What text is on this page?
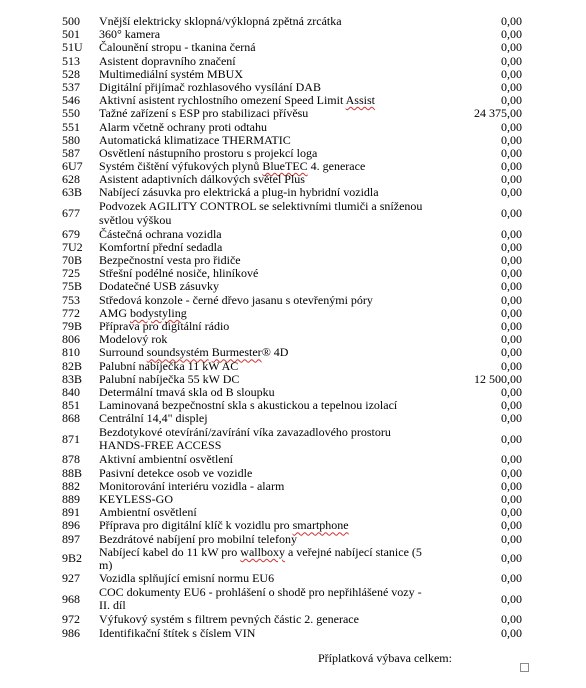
500	Vnější elektricky sklopná/výklopná zpětná zrcátka	0,00
501	360° kamera	0,00
51U	Čalounění stropu - tkanina černá	0,00
513	Asistent dopravního značení	0,00
528	Multimediální systém MBUX	0,00
537	Digitální přijímač rozhlasového vysílání DAB	0,00
546	Aktivní asistent rychlostního omezení Speed Limit Assist	0,00
550	Tažné zařízení s ESP pro stabilizaci přívěsu	24 375,00
551	Alarm včetně ochrany proti odtahu	0,00
580	Automatická klimatizace THERMATIC	0,00
587	Osvětlení nástupního prostoru s projekcí loga	0,00
6U7	Systém čištění výfukových plynů BlueTEC 4. generace	0,00
628	Asistent adaptivních dálkových světel Plus	0,00
63B	Nabíjecí zásuvka pro elektrická a plug-in hybridní vozidla	0,00
677	Podvozek AGILITY CONTROL se selektivními tlumiči a sníženou světlou výškou	0,00
679	Částečná ochrana vozidla	0,00
7U2	Komfortní přední sedadla	0,00
70B	Bezpečnostní vesta pro řidiče	0,00
725	Střešní podélné nosiče, hliníkové	0,00
75B	Dodatečné USB zásuvky	0,00
753	Středová konzole - černé dřevo jasanu s otevřenými póry	0,00
772	AMG bodystyling	0,00
79B	Příprava pro digitální rádio	0,00
806	Modelový rok	0,00
810	Surround soundsystém Burmester® 4D	0,00
82B	Palubní nabíječka 11 kW AC	0,00
83B	Palubní nabíječka 55 kW DC	12 500,00
840	Determální tmavá skla od B sloupku	0,00
851	Laminovaná bezpečnostní skla s akustickou a tepelnou izolací	0,00
868	Centrální 14,4" displej	0,00
871	Bezdotykové otevírání/zavírání víka zavazadlového prostoru HANDS-FREE ACCESS	0,00
878	Aktivní ambientní osvětlení	0,00
88B	Pasivní detekce osob ve vozidle	0,00
882	Monitorování interiéru vozidla - alarm	0,00
889	KEYLESS-GO	0,00
891	Ambientní osvětlení	0,00
896	Příprava pro digitální klíč k vozidlu pro smartphone	0,00
897	Bezdrátové nabíjení pro mobilní telefony	0,00
9B2	Nabíjecí kabel do 11 kW pro wallboxy a veřejné nabíjecí stanice (5 m)	0,00
927	Vozidla splňující emisní normu EU6	0,00
968	COC dokumenty EU6 - prohlášení o shodě pro nepřihlášené vozy - II. díl	0,00
972	Výfukový systém s filtrem pevných částic 2. generace	0,00
986	Identifikační štítek s číslem VIN	0,00
Příplatková výbava celkem:
